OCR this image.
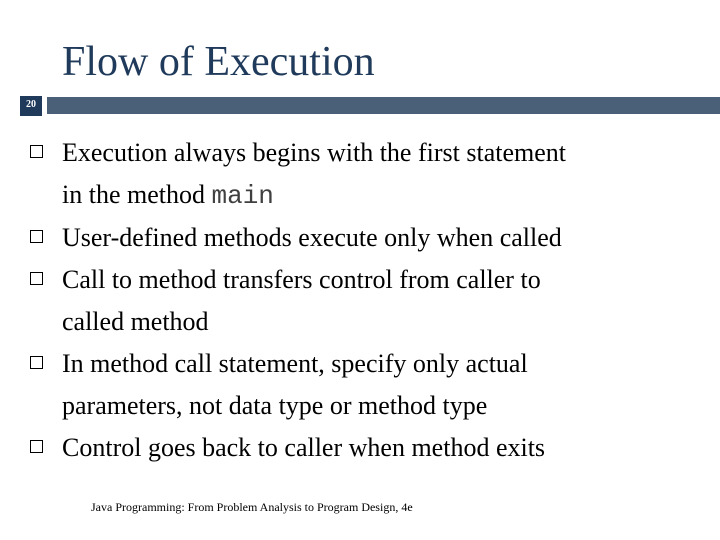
Flow of Execution
20
Execution always begins with the first statement
in the method main
User-defined methods execute only when called
Call to method transfers control from caller to
called method
In method call statement, specify only actual
parameters, not data type or method type
Control goes back to caller when method exits
Java Programming: From Problem Analysis to Program Design, 4e
